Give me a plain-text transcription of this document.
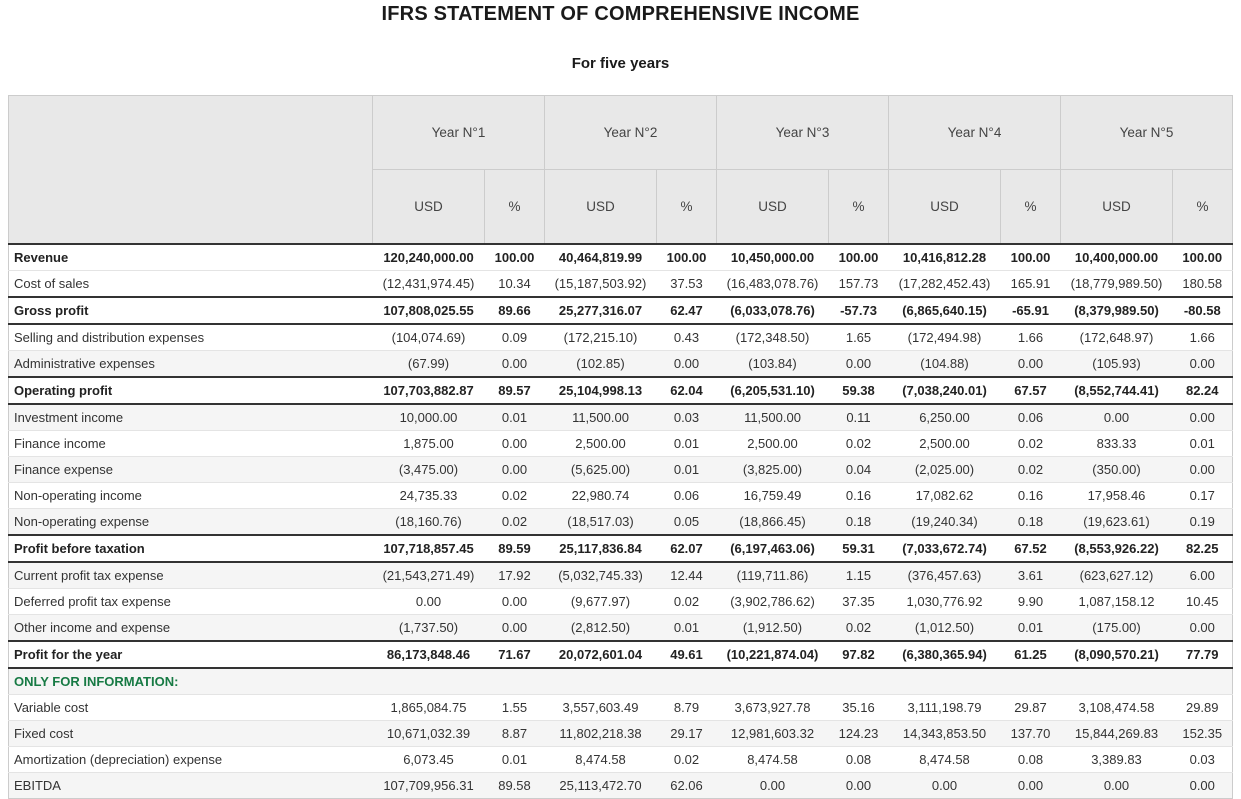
IFRS STATEMENT OF COMPREHENSIVE INCOME
For five years
	Year N°1		Year N°2		Year N°3		Year N°4		Year N°5	
	USD	%	USD	%	USD	%	USD	%	USD	%
Revenue	120,240,000.00	100.00	40,464,819.99	100.00	10,450,000.00	100.00	10,416,812.28	100.00	10,400,000.00	100.00
Cost of sales	(12,431,974.45)	10.34	(15,187,503.92)	37.53	(16,483,078.76)	157.73	(17,282,452.43)	165.91	(18,779,989.50)	180.58
Gross profit	107,808,025.55	89.66	25,277,316.07	62.47	(6,033,078.76)	-57.73	(6,865,640.15)	-65.91	(8,379,989.50)	-80.58
Selling and distribution expenses	(104,074.69)	0.09	(172,215.10)	0.43	(172,348.50)	1.65	(172,494.98)	1.66	(172,648.97)	1.66
Administrative expenses	(67.99)	0.00	(102.85)	0.00	(103.84)	0.00	(104.88)	0.00	(105.93)	0.00
Operating profit	107,703,882.87	89.57	25,104,998.13	62.04	(6,205,531.10)	59.38	(7,038,240.01)	67.57	(8,552,744.41)	82.24
Investment income	10,000.00	0.01	11,500.00	0.03	11,500.00	0.11	6,250.00	0.06	0.00	0.00
Finance income	1,875.00	0.00	2,500.00	0.01	2,500.00	0.02	2,500.00	0.02	833.33	0.01
Finance expense	(3,475.00)	0.00	(5,625.00)	0.01	(3,825.00)	0.04	(2,025.00)	0.02	(350.00)	0.00
Non-operating income	24,735.33	0.02	22,980.74	0.06	16,759.49	0.16	17,082.62	0.16	17,958.46	0.17
Non-operating expense	(18,160.76)	0.02	(18,517.03)	0.05	(18,866.45)	0.18	(19,240.34)	0.18	(19,623.61)	0.19
Profit before taxation	107,718,857.45	89.59	25,117,836.84	62.07	(6,197,463.06)	59.31	(7,033,672.74)	67.52	(8,553,926.22)	82.25
Current profit tax expense	(21,543,271.49)	17.92	(5,032,745.33)	12.44	(119,711.86)	1.15	(376,457.63)	3.61	(623,627.12)	6.00
Deferred profit tax expense	0.00	0.00	(9,677.97)	0.02	(3,902,786.62)	37.35	1,030,776.92	9.90	1,087,158.12	10.45
Other income and expense	(1,737.50)	0.00	(2,812.50)	0.01	(1,912.50)	0.02	(1,012.50)	0.01	(175.00)	0.00
Profit for the year	86,173,848.46	71.67	20,072,601.04	49.61	(10,221,874.04)	97.82	(6,380,365.94)	61.25	(8,090,570.21)	77.79
ONLY FOR INFORMATION:										
Variable cost	1,865,084.75	1.55	3,557,603.49	8.79	3,673,927.78	35.16	3,111,198.79	29.87	3,108,474.58	29.89
Fixed cost	10,671,032.39	8.87	11,802,218.38	29.17	12,981,603.32	124.23	14,343,853.50	137.70	15,844,269.83	152.35
Amortization (depreciation) expense	6,073.45	0.01	8,474.58	0.02	8,474.58	0.08	8,474.58	0.08	3,389.83	0.03
EBITDA	107,709,956.31	89.58	25,113,472.70	62.06	0.00	0.00	0.00	0.00	0.00	0.00
